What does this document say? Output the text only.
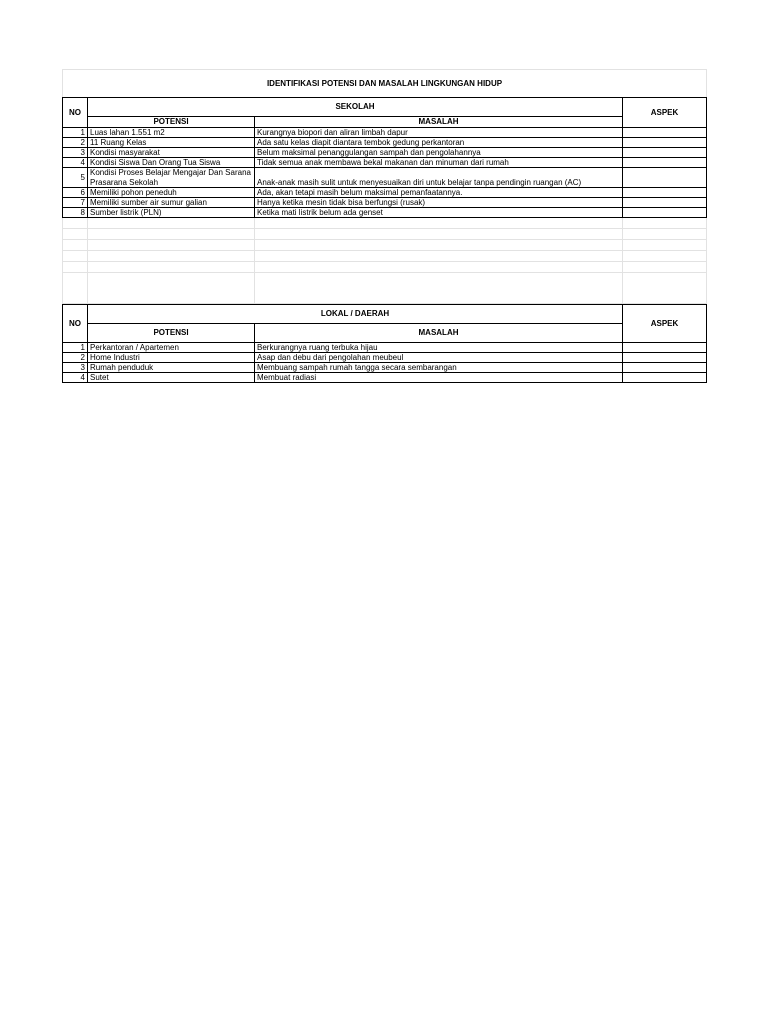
IDENTIFIKASI POTENSI DAN MASALAH LINGKUNGAN HIDUP			
NO	SEKOLAH		ASPEK
	POTENSI	MASALAH	
1	Luas lahan 1.551 m2	Kurangnya biopori dan aliran limbah dapur	
2	11 Ruang Kelas	Ada satu kelas diapit diantara tembok gedung perkantoran	
3	Kondisi masyarakat	Belum maksimal penanggulangan sampah dan pengolahannya	
4	Kondisi Siswa Dan Orang Tua Siswa	Tidak semua anak membawa bekal makanan dan minuman dari rumah	
5	Kondisi Proses Belajar Mengajar Dan Sarana Prasarana Sekolah	Anak-anak masih sulit untuk menyesuaikan diri untuk belajar tanpa pendingin ruangan (AC)	
6	Memiliki pohon peneduh	Ada, akan tetapi masih belum maksimal pemanfaatannya.	
7	Memiliki sumber air sumur galian	Hanya ketika mesin tidak bisa berfungsi (rusak)	
8	Sumber listrik (PLN)	Ketika mati listrik belum ada genset	

NO	LOKAL / DAERAH		ASPEK
	POTENSI	MASALAH	
1	Perkantoran / Apartemen	Berkurangnya ruang terbuka hijau	
2	Home Industri	Asap dan debu dari pengolahan meubeul	
3	Rumah penduduk	Membuang sampah rumah tangga secara sembarangan	
4	Sutet	Membuat radiasi	
